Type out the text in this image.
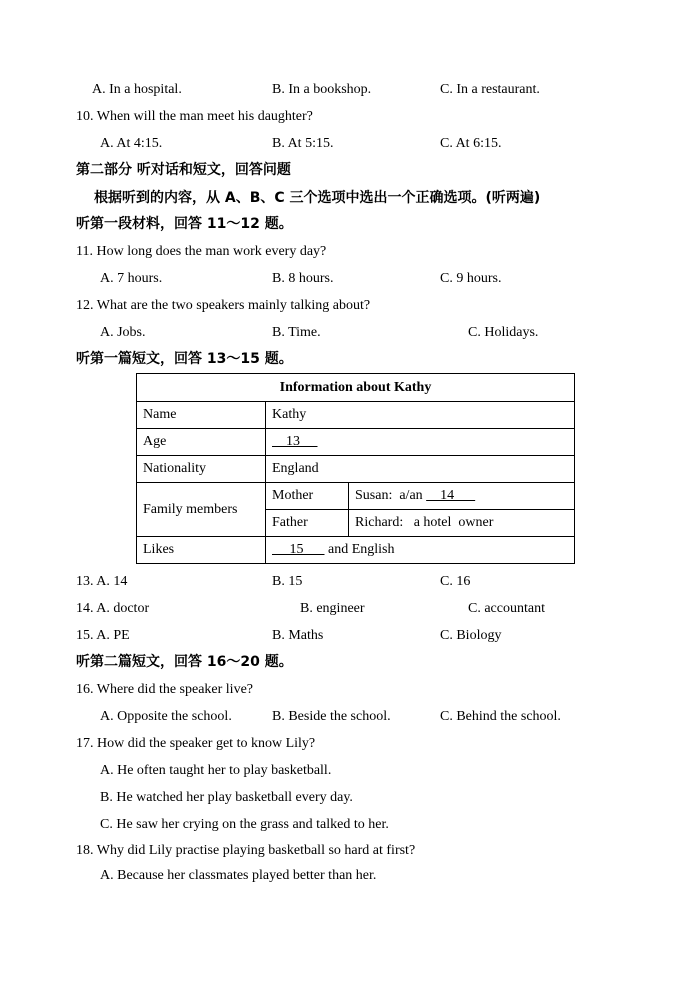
A. In a hospital.	B. In a bookshop.	C. In a restaurant.
10. When will the man meet his daughter?
A. At 4:15.	B. At 5:15.	C. At 6:15.
第二部分 听对话和短文，回答问题
根据听到的内容，从 A、B、C 三个选项中选出一个正确选项。(听两遍)
听第一段材料，回答 11～12 题。
11. How long does the man work every day?
A. 7 hours.	B. 8 hours.	C. 9 hours.
12. What are the two speakers mainly talking about?
A. Jobs.	B. Time.	C. Holidays.
听第一篇短文，回答 13～15 题。
Information about Kathy		
Name	Kathy	
Age	13	
Nationality	England	
Family members	Mother	Susan:  a/an     14
	Father	Richard:   a hotel  owner
Likes	15       and English	
13. A. 14	B. 15	C. 16
14. A. doctor	B. engineer	C. accountant
15. A. PE	B. Maths	C. Biology
听第二篇短文，回答 16～20 题。
16. Where did the speaker live?
A. Opposite the school.	B. Beside the school.	C. Behind the school.
17. How did the speaker get to know Lily?
A. He often taught her to play basketball.
B. He watched her play basketball every day.
C. He saw her crying on the grass and talked to her.
18. Why did Lily practise playing basketball so hard at first?
A. Because her classmates played better than her.
